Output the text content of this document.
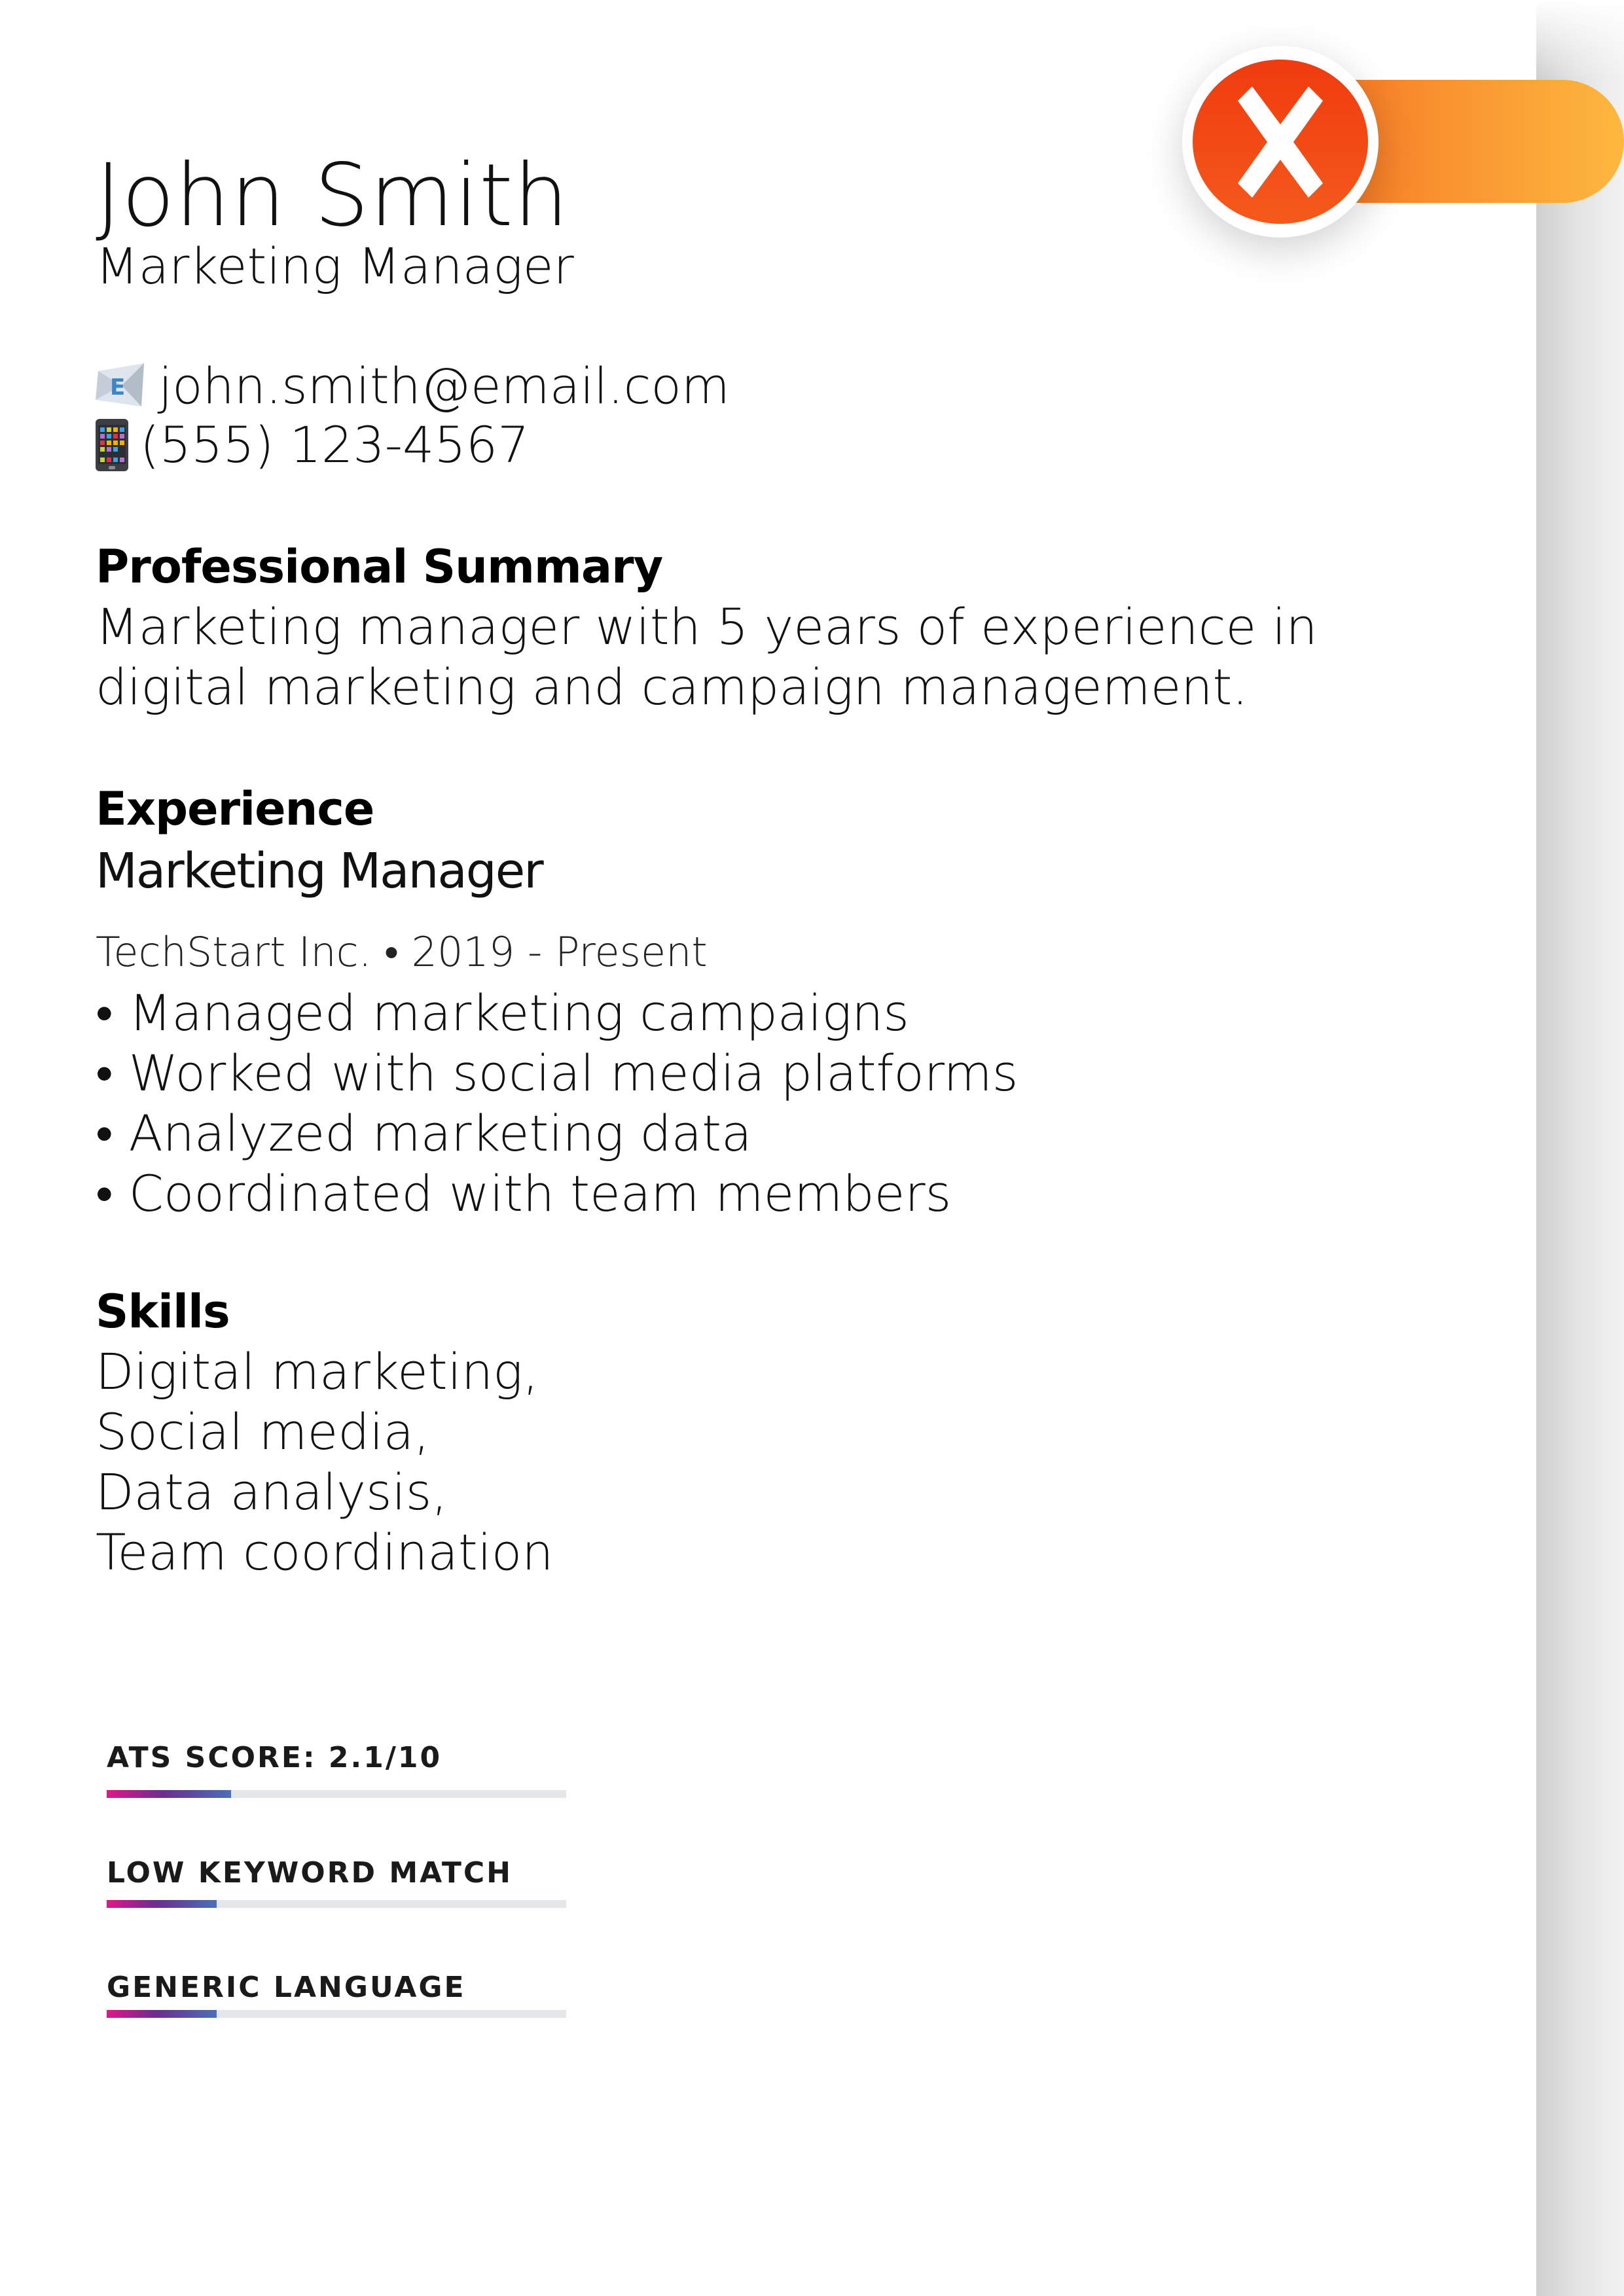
John Smith
Marketing Manager
E john.smith@email.com
(555) 123-4567
Professional Summary
Marketing manager with 5 years of experience in
digital marketing and campaign management.
Experience
Marketing Manager
TechStart Inc. • 2019 - Present
• Managed marketing campaigns
• Worked with social media platforms
• Analyzed marketing data
• Coordinated with team members
Skills
Digital marketing,
Social media,
Data analysis,
Team coordination
ATS SCORE: 2.1/10
LOW KEYWORD MATCH
GENERIC LANGUAGE
